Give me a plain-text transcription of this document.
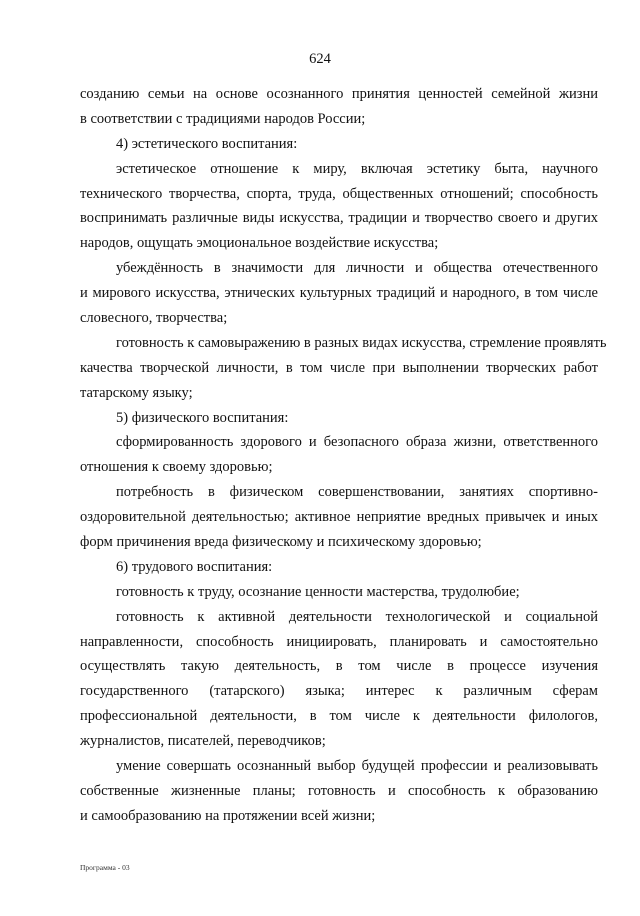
624
созданию семьи на основе осознанного принятия ценностей семейной жизни
в соответствии с традициями народов России;
4) эстетического воспитания:
эстетическое отношение к миру, включая эстетику быта, научного
технического творчества, спорта, труда, общественных отношений; способность
воспринимать различные виды искусства, традиции и творчество своего и других
народов, ощущать эмоциональное воздействие искусства;
убеждённость в значимости для личности и общества отечественного
и мирового искусства, этнических культурных традиций и народного, в том числе
словесного, творчества;
готовность к самовыражению в разных видах искусства, стремление проявлять
качества творческой личности, в том числе при выполнении творческих работ
татарскому языку;
5) физического воспитания:
сформированность здорового и безопасного образа жизни, ответственного
отношения к своему здоровью;
потребность в физическом совершенствовании, занятиях спортивно-
оздоровительной деятельностью; активное неприятие вредных привычек и иных
форм причинения вреда физическому и психическому здоровью;
6) трудового воспитания:
готовность к труду, осознание ценности мастерства, трудолюбие;
готовность к активной деятельности технологической и социальной
направленности, способность инициировать, планировать и самостоятельно
осуществлять такую деятельность, в том числе в процессе изучения
государственного (татарского) языка; интерес к различным сферам
профессиональной деятельности, в том числе к деятельности филологов,
журналистов, писателей, переводчиков;
умение совершать осознанный выбор будущей профессии и реализовывать
собственные жизненные планы; готовность и способность к образованию
и самообразованию на протяжении всей жизни;
Программа - 03
